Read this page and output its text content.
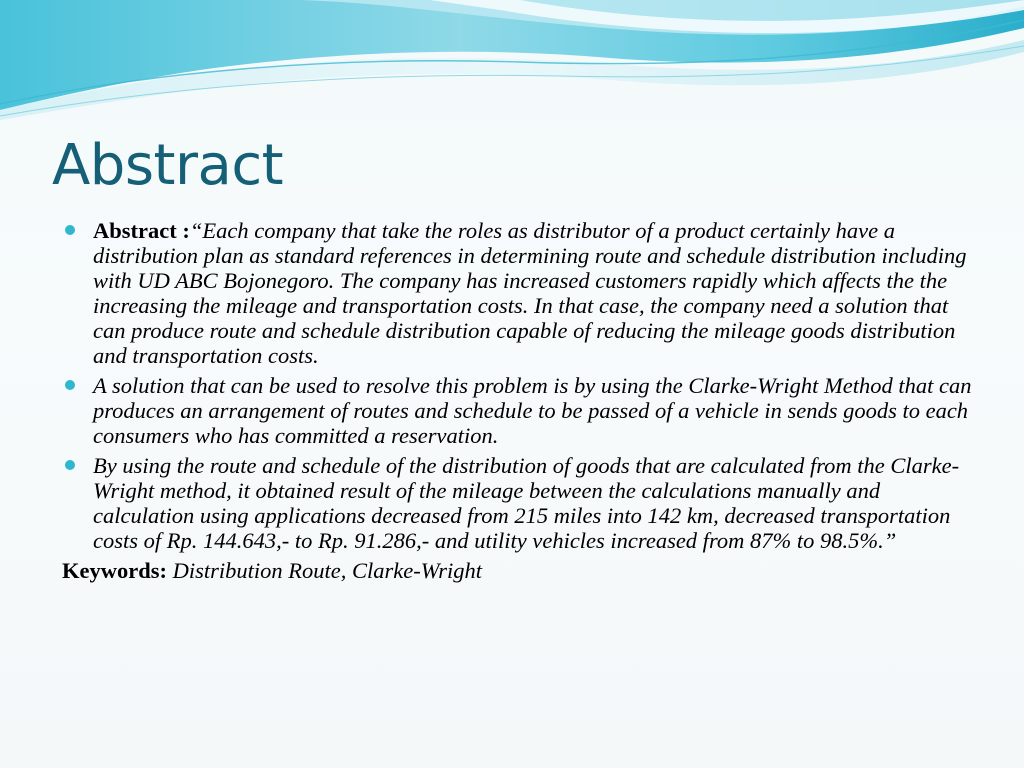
Abstract
Abstract :“Each company that take the roles as distributor of a product certainly have a distribution plan as standard references in determining route and schedule distribution including with UD ABC Bojonegoro. The company has increased customers rapidly which affects the the increasing the mileage and transportation costs. In that case, the company need a solution that can produce route and schedule distribution capable of reducing the mileage goods distribution and transportation costs.
A solution that can be used to resolve this problem is by using the Clarke-Wright Method that can produces an arrangement of routes and schedule to be passed of a vehicle in sends goods to each consumers who has committed a reservation.
By using the route and schedule of the distribution of goods that are calculated from the Clarke-Wright method, it obtained result of the mileage between the calculations manually and calculation using applications decreased from 215 miles into 142 km, decreased transportation costs of Rp. 144.643,- to Rp. 91.286,- and utility vehicles increased from 87% to 98.5%.”
Keywords: Distribution Route, Clarke-Wright
